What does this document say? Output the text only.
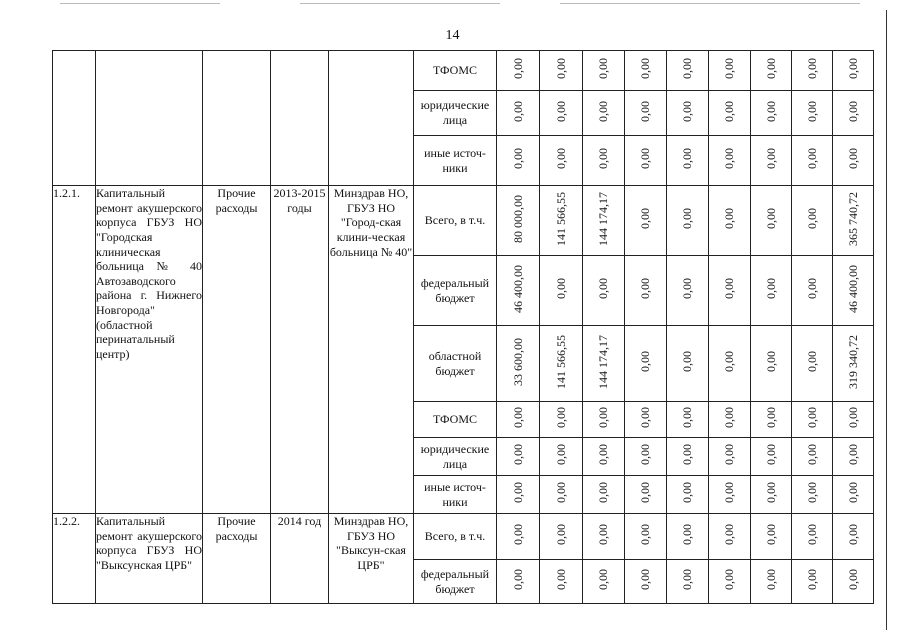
14
					ТФОМС	0,00	0,00	0,00	0,00	0,00	0,00	0,00	0,00	0,00
					юридические лица	0,00	0,00	0,00	0,00	0,00	0,00	0,00	0,00	0,00
					иные источ-ники	0,00	0,00	0,00	0,00	0,00	0,00	0,00	0,00	0,00
1.2.1.	Капитальный ремонт акушерского корпуса ГБУЗ НО "Городская клиническая больница № 40 Автозаводского района г. Нижнего Новгорода" (областной перинатальный центр)	Прочие расходы	2013-2015 годы	Минздрав НО, ГБУЗ НО "Город-ская клини-ческая больница № 40"	Всего, в т.ч.	80 000,00	141 566,55	144 174,17	0,00	0,00	0,00	0,00	0,00	365 740,72
					федеральный бюджет	46 400,00	0,00	0,00	0,00	0,00	0,00	0,00	0,00	46 400,00
					областной бюджет	33 600,00	141 566,55	144 174,17	0,00	0,00	0,00	0,00	0,00	319 340,72
					ТФОМС	0,00	0,00	0,00	0,00	0,00	0,00	0,00	0,00	0,00
					юридические лица	0,00	0,00	0,00	0,00	0,00	0,00	0,00	0,00	0,00
					иные источ-ники	0,00	0,00	0,00	0,00	0,00	0,00	0,00	0,00	0,00
1.2.2.	Капитальный ремонт акушерского корпуса ГБУЗ НО "Выксунская ЦРБ"	Прочие расходы	2014 год	Минздрав НО, ГБУЗ НО "Выксун-ская ЦРБ"	Всего, в т.ч.	0,00	0,00	0,00	0,00	0,00	0,00	0,00	0,00	0,00
					федеральный бюджет	0,00	0,00	0,00	0,00	0,00	0,00	0,00	0,00	0,00
